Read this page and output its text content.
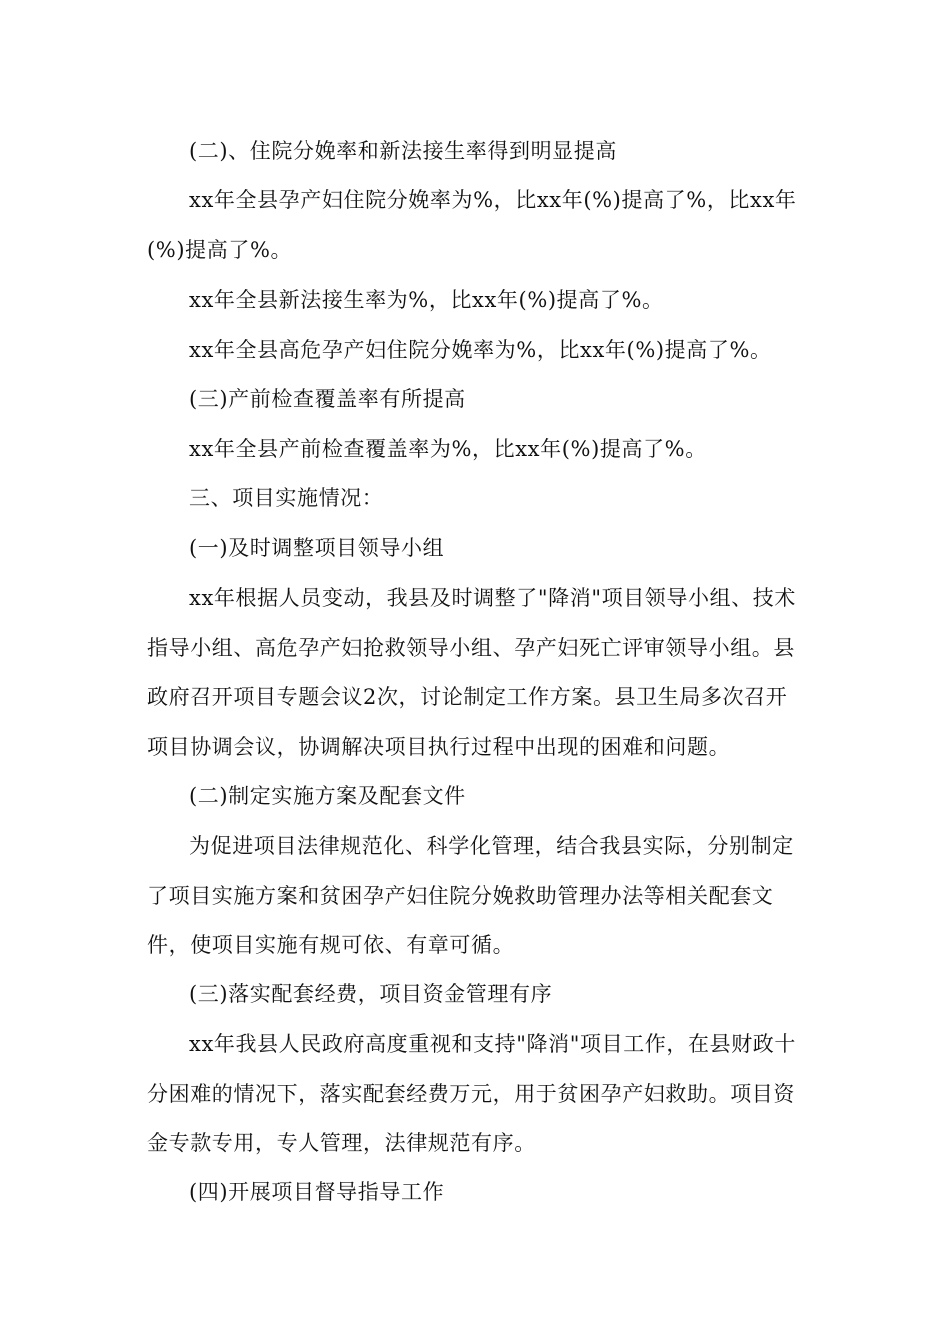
(二)、住院分娩率和新法接生率得到明显提高

xx年全县孕产妇住院分娩率为%，比xx年(%)提高了%，比xx年(%)提高了%。

xx年全县新法接生率为%，比xx年(%)提高了%。

xx年全县高危孕产妇住院分娩率为%，比xx年(%)提高了%。

(三)产前检查覆盖率有所提高

xx年全县产前检查覆盖率为%，比xx年(%)提高了%。

三、项目实施情况：

(一)及时调整项目领导小组

xx年根据人员变动，我县及时调整了"降消"项目领导小组、技术指导小组、高危孕产妇抢救领导小组、孕产妇死亡评审领导小组。县政府召开项目专题会议2次，讨论制定工作方案。县卫生局多次召开项目协调会议，协调解决项目执行过程中出现的困难和问题。

(二)制定实施方案及配套文件

为促进项目法律规范化、科学化管理，结合我县实际，分别制定了项目实施方案和贫困孕产妇住院分娩救助管理办法等相关配套文件，使项目实施有规可依、有章可循。

(三)落实配套经费，项目资金管理有序

xx年我县人民政府高度重视和支持"降消"项目工作，在县财政十分困难的情况下，落实配套经费万元，用于贫困孕产妇救助。项目资金专款专用，专人管理，法律规范有序。

(四)开展项目督导指导工作
